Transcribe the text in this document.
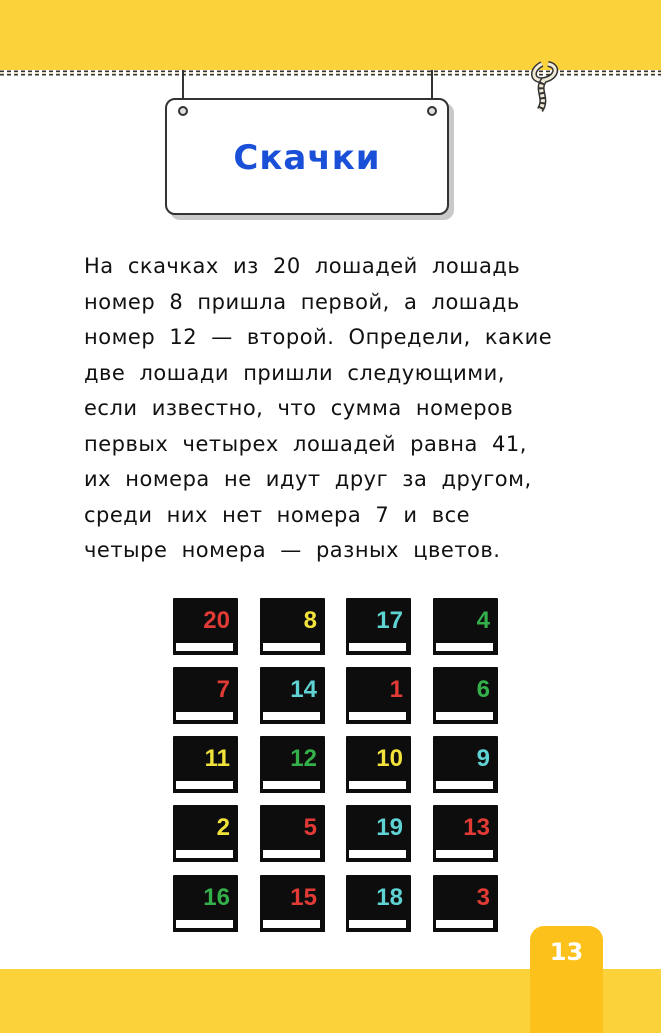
Скачки
На скачках из 20 лошадей лошадь
номер 8 пришла первой, а лошадь
номер 12 — второй. Определи, какие
две лошади пришли следующими,
если известно, что сумма номеров
первых четырех лошадей равна 41,
их номера не идут друг за другом,
среди них нет номера 7 и все
четыре номера — разных цветов.
20	8 17	4
7	14	1	6
11	12 10	9
2	5 19	13
16	15 18	3
13
